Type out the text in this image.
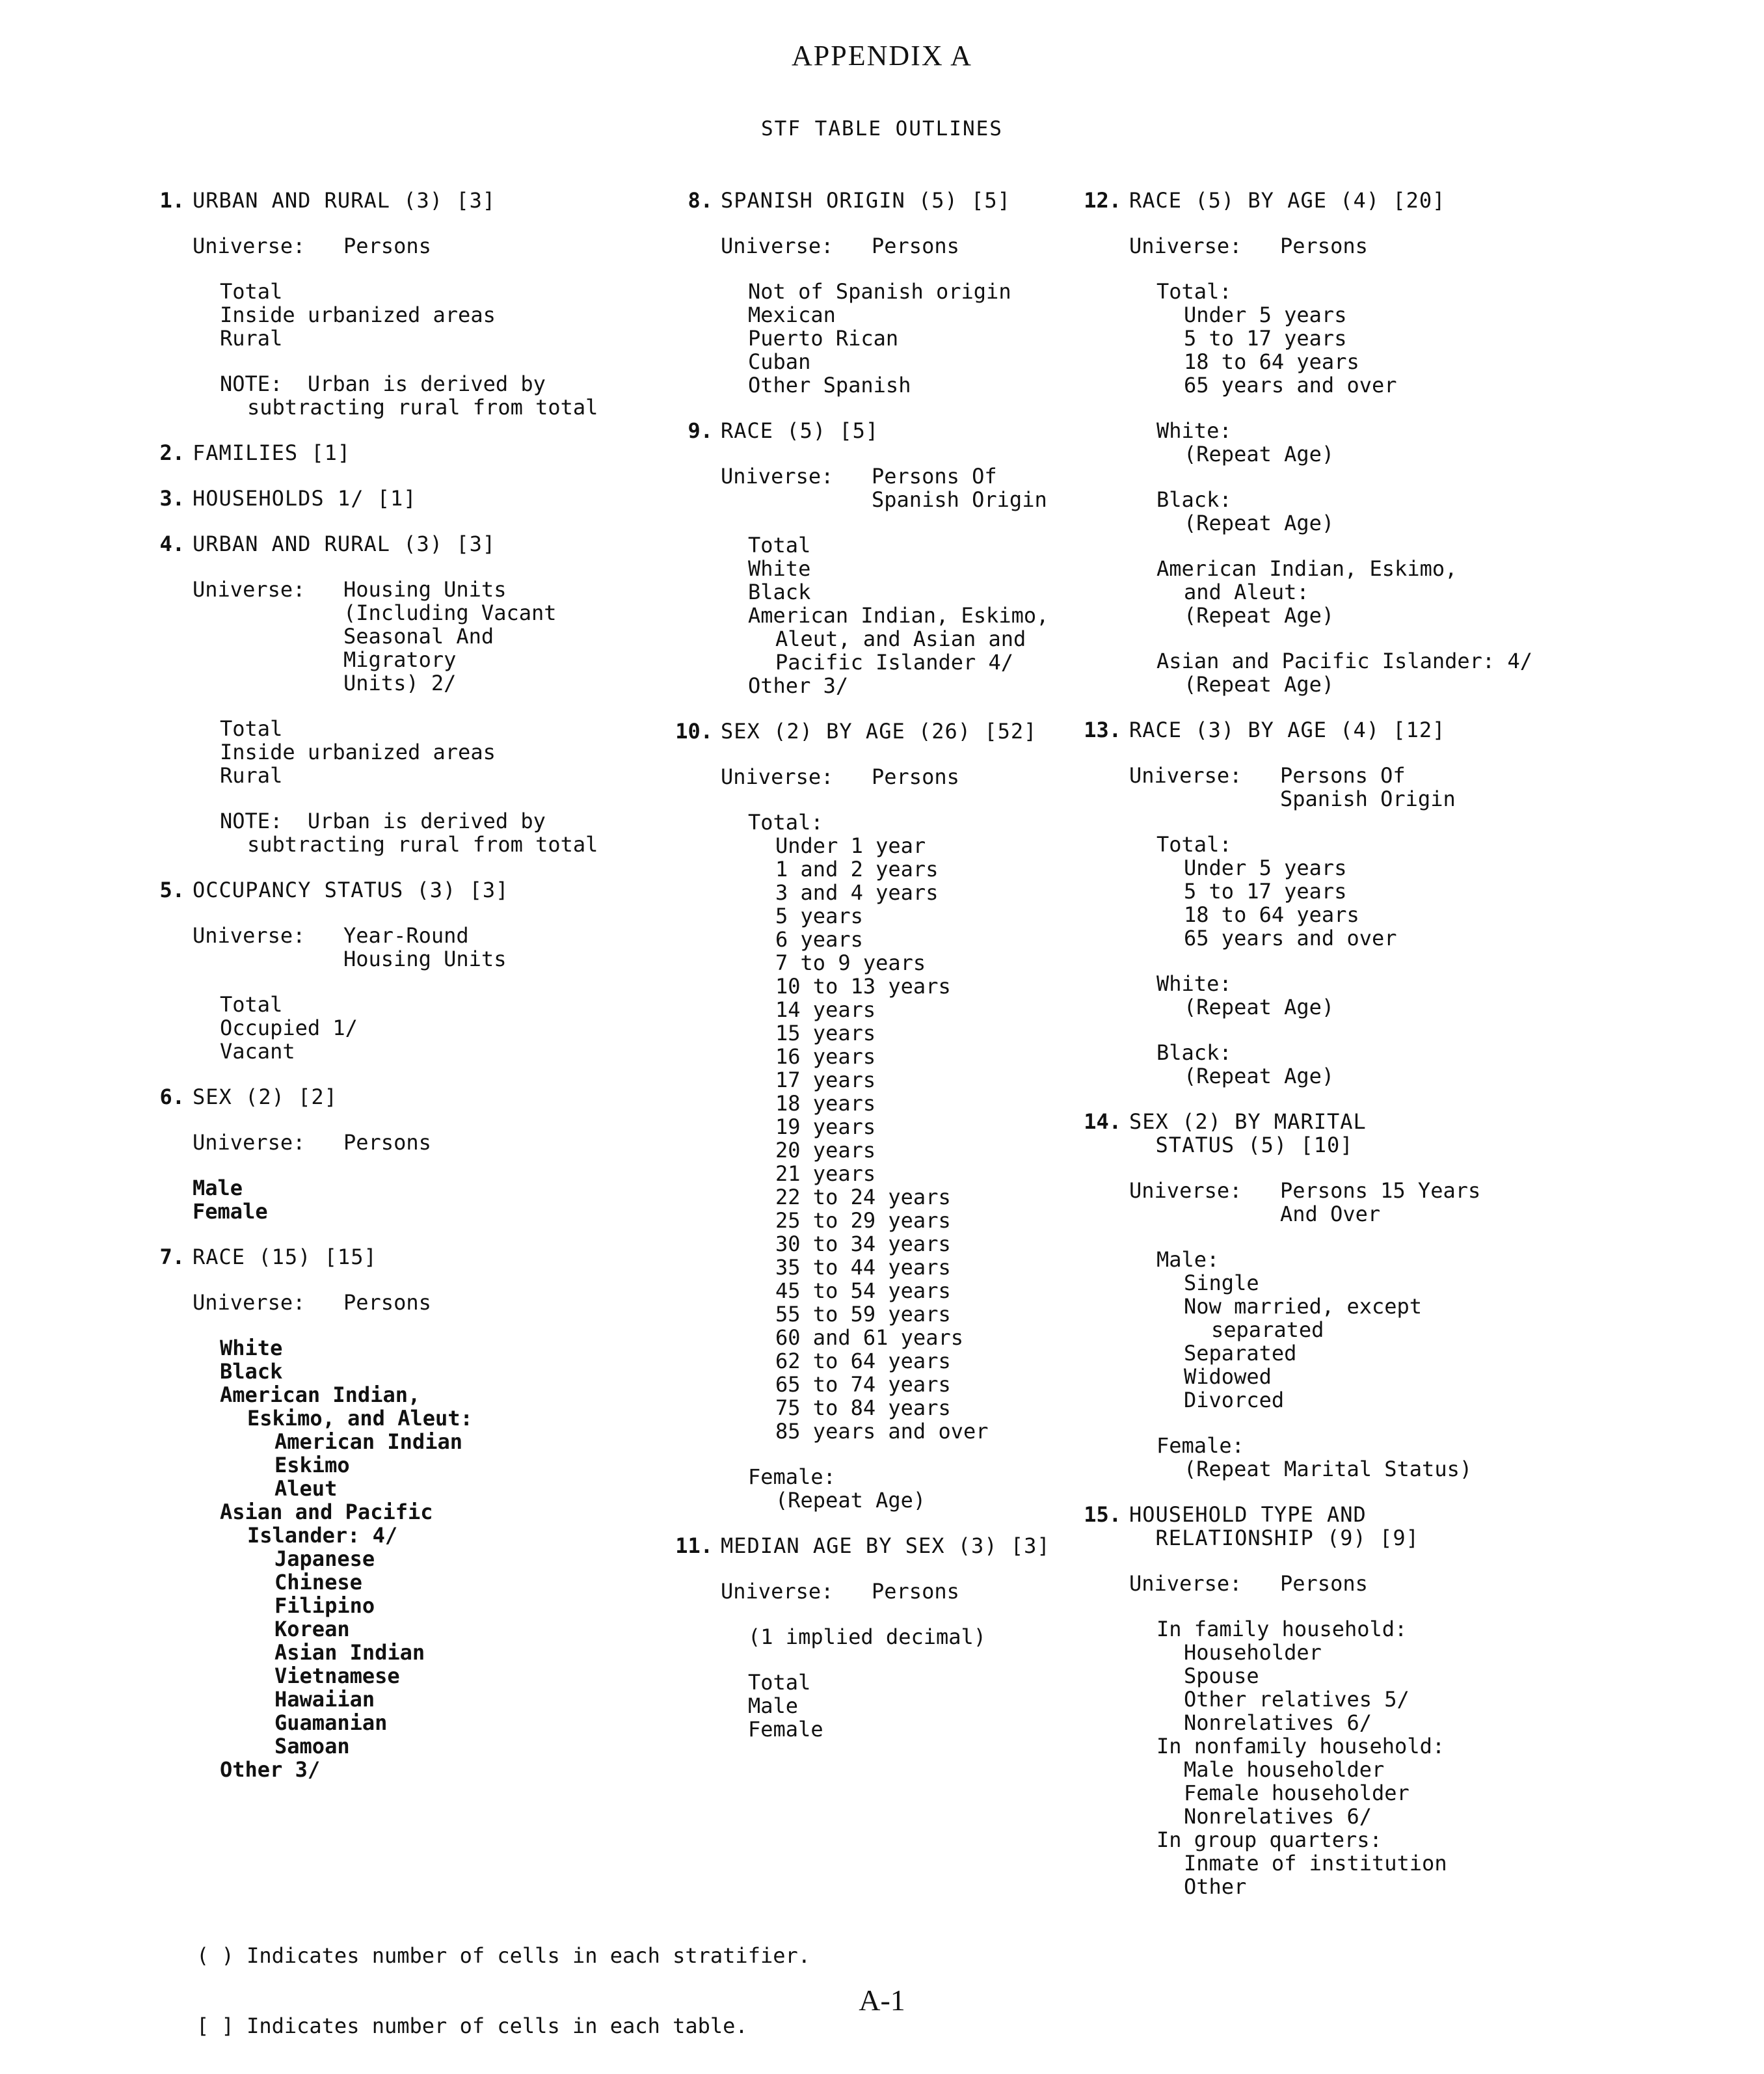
APPENDIX A
STF TABLE OUTLINES
1. URBAN AND RURAL (3) [3]
Universe:	Persons
Total
Inside urbanized areas
Rural
NOTE:  Urban is derived by
subtracting rural from total
2. FAMILIES [1]
3. HOUSEHOLDS 1/ [1]
4. URBAN AND RURAL (3) [3]
Universe:	Housing Units
(Including Vacant
Seasonal And
Migratory
Units) 2/
Total
Inside urbanized areas
Rural
NOTE:  Urban is derived by
subtracting rural from total
5. OCCUPANCY STATUS (3) [3]
Universe:	Year-Round
Housing Units
Total
Occupied 1/
Vacant
6. SEX (2) [2]
Universe:	Persons
Male
Female
7. RACE (15) [15]
Universe:	Persons
White
Black
American Indian,
Eskimo, and Aleut:
American Indian
Eskimo
Aleut
Asian and Pacific
Islander: 4/
Japanese
Chinese
Filipino
Korean
Asian Indian
Vietnamese
Hawaiian
Guamanian
Samoan
Other 3/
8. SPANISH ORIGIN (5) [5]
Universe:	Persons
Not of Spanish origin
Mexican
Puerto Rican
Cuban
Other Spanish
9. RACE (5) [5]
Universe:	Persons Of
Spanish Origin
Total
White
Black
American Indian, Eskimo,
Aleut, and Asian and
Pacific Islander 4/
Other 3/
10. SEX (2) BY AGE (26) [52]
Universe:	Persons
Total:
Under 1 year
1 and 2 years
3 and 4 years
5 years
6 years
7 to 9 years
10 to 13 years
14 years
15 years
16 years
17 years
18 years
19 years
20 years
21 years
22 to 24 years
25 to 29 years
30 to 34 years
35 to 44 years
45 to 54 years
55 to 59 years
60 and 61 years
62 to 64 years
65 to 74 years
75 to 84 years
85 years and over
Female:
(Repeat Age)
11. MEDIAN AGE BY SEX (3) [3]
Universe:	Persons
(1 implied decimal)
Total
Male
Female
12. RACE (5) BY AGE (4) [20]
Universe:	Persons
Total:
Under 5 years
5 to 17 years
18 to 64 years
65 years and over
White:
(Repeat Age)
Black:
(Repeat Age)
American Indian, Eskimo,
and Aleut:
(Repeat Age)
Asian and Pacific Islander: 4/
(Repeat Age)
13. RACE (3) BY AGE (4) [12]
Universe:	Persons Of
Spanish Origin
Total:
Under 5 years
5 to 17 years
18 to 64 years
65 years and over
White:
(Repeat Age)
Black:
(Repeat Age)
14. SEX (2) BY MARITAL
STATUS (5) [10]
Universe:	Persons 15 Years
And Over
Male:
Single
Now married, except
separated
Separated
Widowed
Divorced
Female:
(Repeat Marital Status)
15. HOUSEHOLD TYPE AND
RELATIONSHIP (9) [9]
Universe:	Persons
In family household:
Householder
Spouse
Other relatives 5/
Nonrelatives 6/
In nonfamily household:
Male householder
Female householder
Nonrelatives 6/
In group quarters:
Inmate of institution
Other

( ) Indicates number of cells in each stratifier.

[ ] Indicates number of cells in each table.

A-1
